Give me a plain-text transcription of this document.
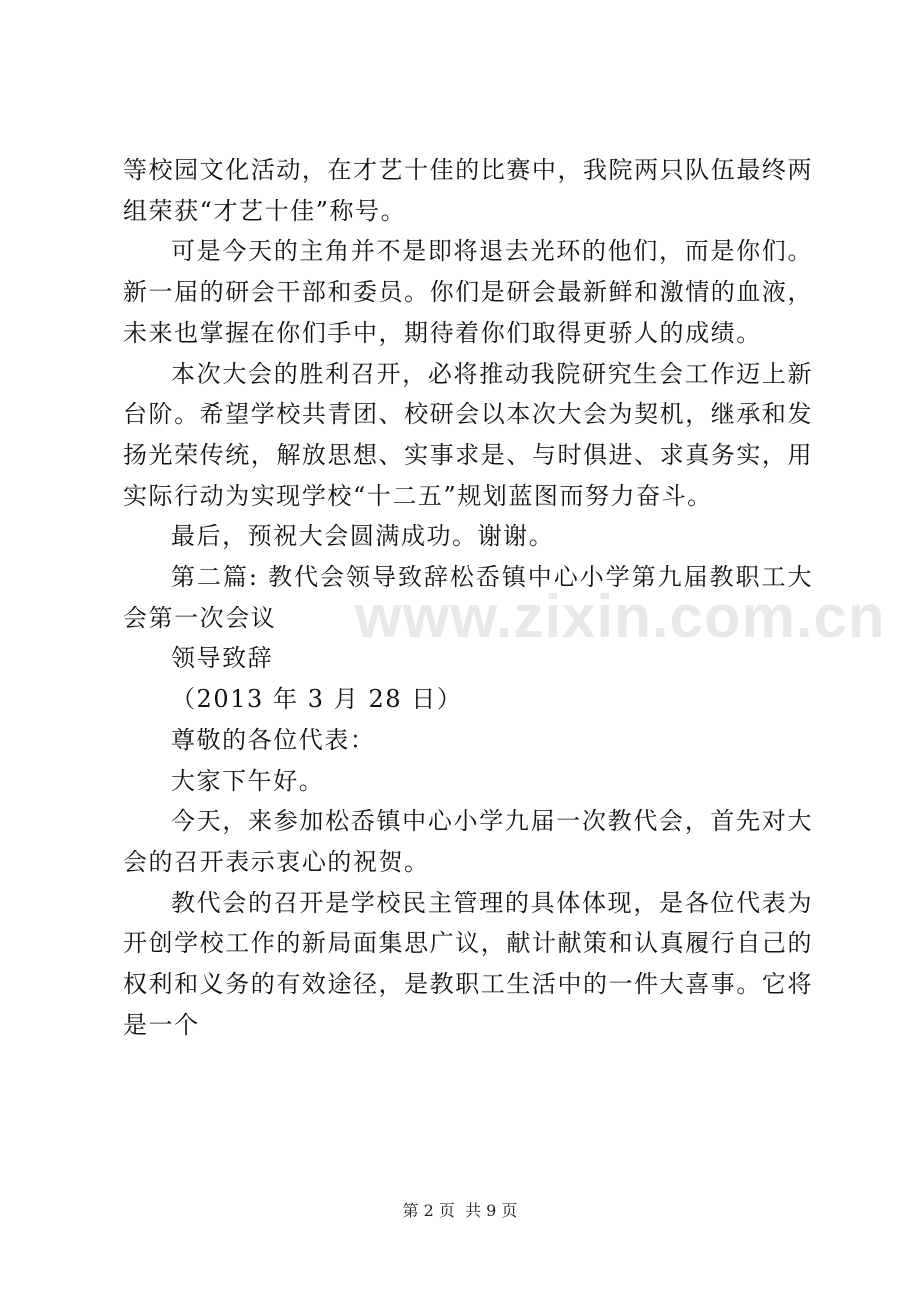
等校园文化活动，在才艺十佳的比赛中，我院两只队伍最终两组荣获“才艺十佳”称号。

可是今天的主角并不是即将退去光环的他们，而是你们。新一届的研会干部和委员。你们是研会最新鲜和激情的血液，未来也掌握在你们手中，期待着你们取得更骄人的成绩。

本次大会的胜利召开，必将推动我院研究生会工作迈上新台阶。希望学校共青团、校研会以本次大会为契机，继承和发扬光荣传统，解放思想、实事求是、与时俱进、求真务实，用实际行动为实现学校“十二五”规划蓝图而努力奋斗。

最后，预祝大会圆满成功。谢谢。

第二篇: 教代会领导致辞松岙镇中心小学第九届教职工大会第一次会议

领导致辞

（2013 年 3 月 28 日）

尊敬的各位代表：

大家下午好。

今天，来参加松岙镇中心小学九届一次教代会，首先对大会的召开表示衷心的祝贺。

教代会的召开是学校民主管理的具体体现，是各位代表为开创学校工作的新局面集思广议，献计献策和认真履行自己的权利和义务的有效途径，是教职工生活中的一件大喜事。它将是一个

www.zixin.com.cn
第 2 页  共 9 页
